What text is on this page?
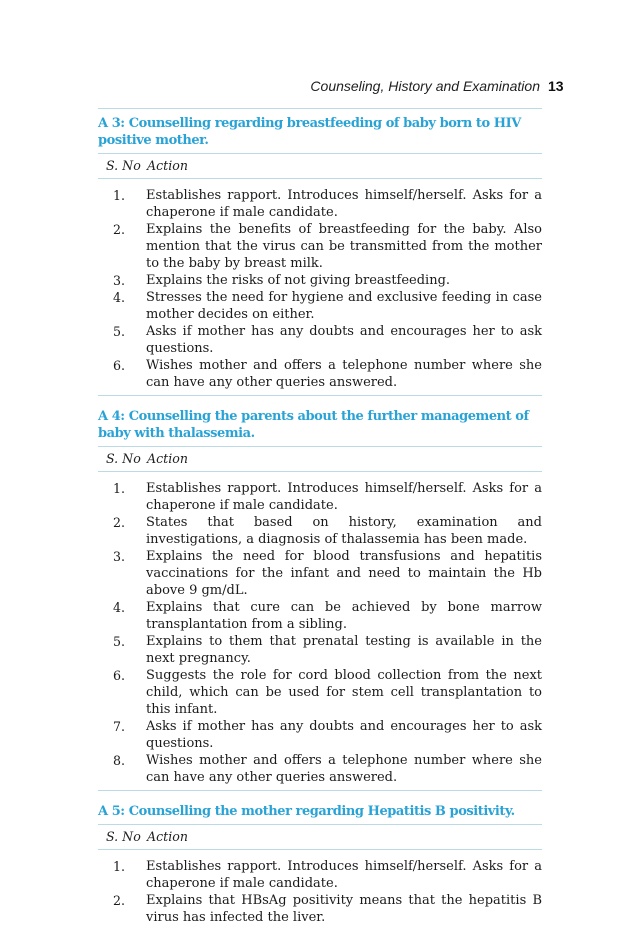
Counseling, History and Examination 13
A 3: Counselling regarding breastfeeding of baby born to HIV positive mother.
S. No Action
1. Establishes rapport. Introduces himself/herself. Asks for a chaperone if male candidate.
2. Explains the benefits of breastfeeding for the baby. Also mention that the virus can be transmitted from the mother to the baby by breast milk.
3. Explains the risks of not giving breastfeeding.
4. Stresses the need for hygiene and exclusive feeding in case mother decides on either.
5. Asks if mother has any doubts and encourages her to ask questions.
6. Wishes mother and offers a telephone number where she can have any other queries answered.
A 4: Counselling the parents about the further management of baby with thalassemia.
S. No Action
1. Establishes rapport. Introduces himself/herself. Asks for a chaperone if male candidate.
2. States that based on history, examination and investigations, a diagnosis of thalassemia has been made.
3. Explains the need for blood transfusions and hepatitis vaccinations for the infant and need to maintain the Hb above 9 gm/dL.
4. Explains that cure can be achieved by bone marrow transplantation from a sibling.
5. Explains to them that prenatal testing is available in the next pregnancy.
6. Suggests the role for cord blood collection from the next child, which can be used for stem cell transplantation to this infant.
7. Asks if mother has any doubts and encourages her to ask questions.
8. Wishes mother and offers a telephone number where she can have any other queries answered.
A 5: Counselling the mother regarding Hepatitis B positivity.
S. No Action
1. Establishes rapport. Introduces himself/herself. Asks for a chaperone if male candidate.
2. Explains that HBsAg positivity means that the hepatitis B virus has infected the liver.
